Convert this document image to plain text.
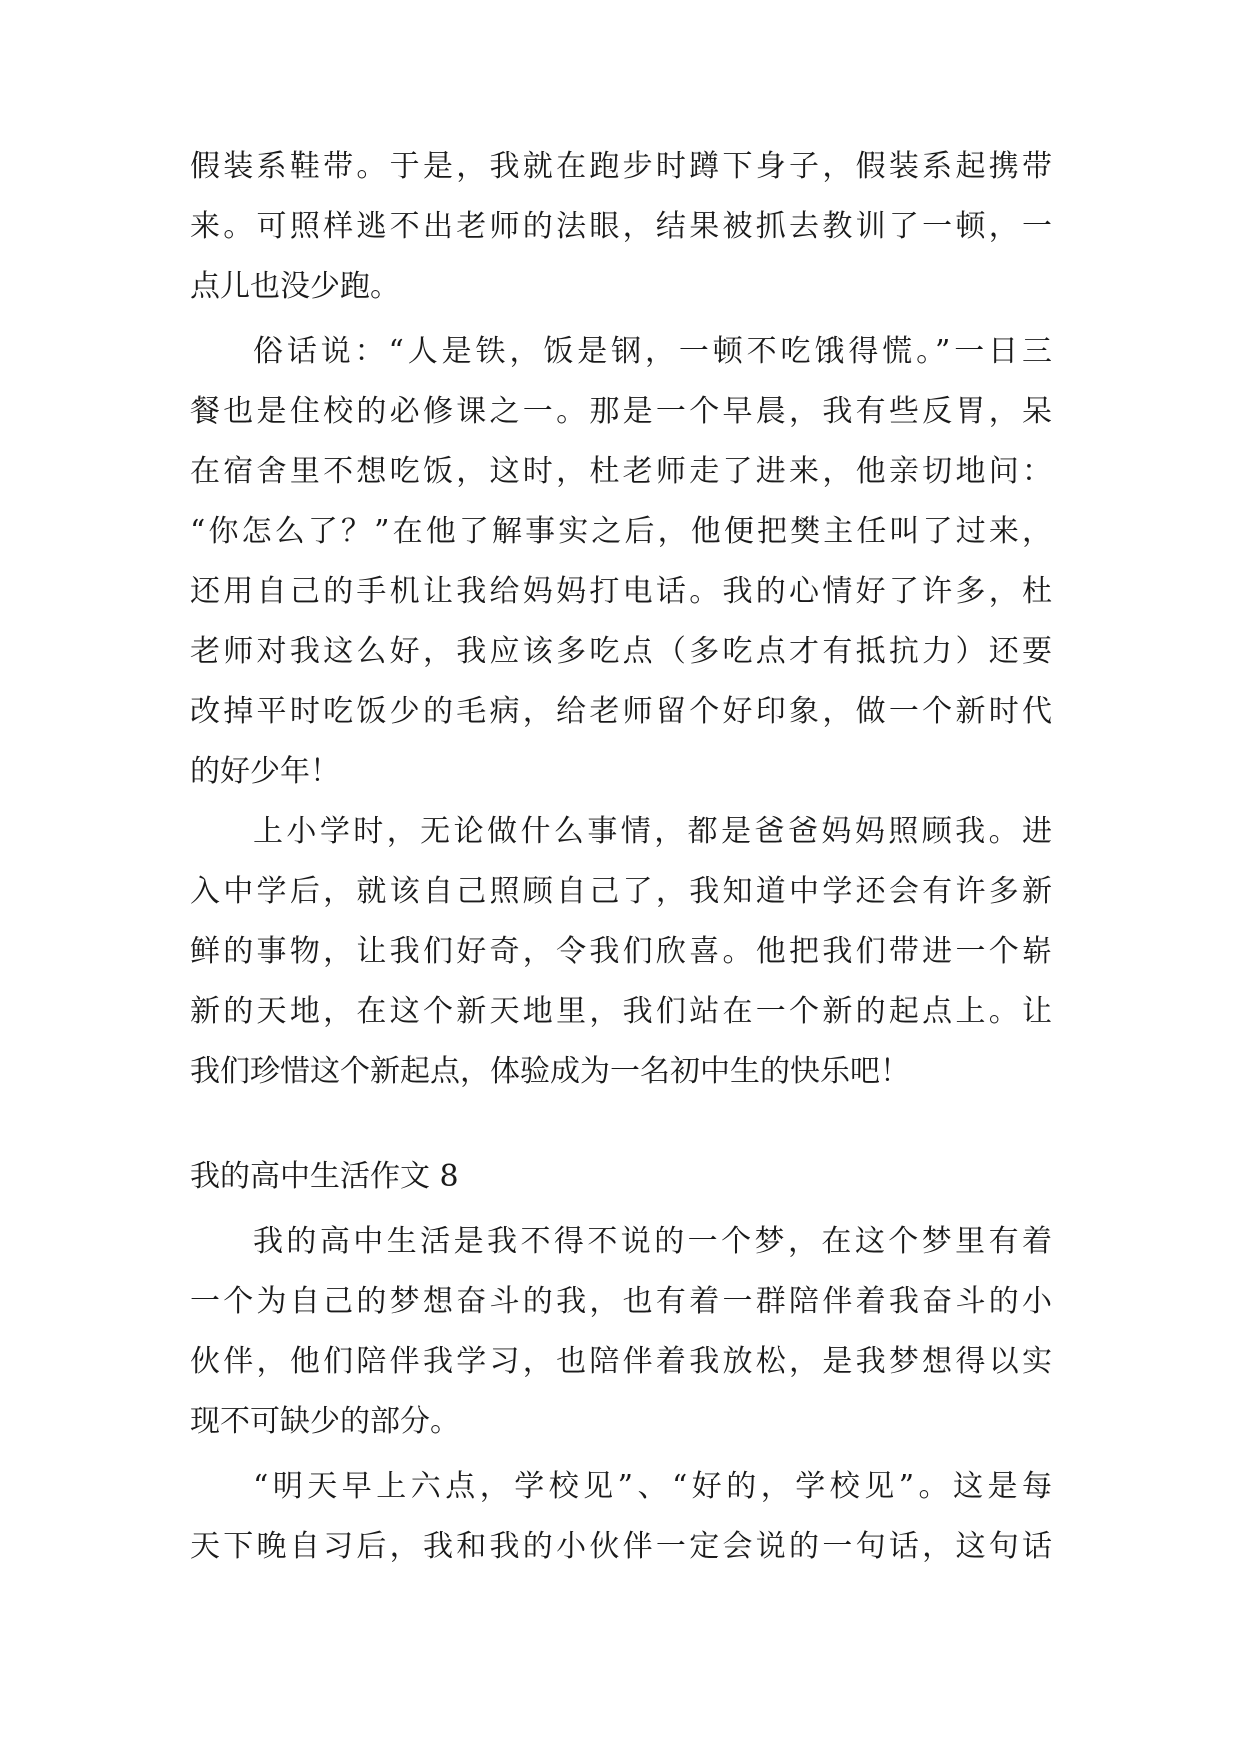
假装系鞋带。于是，我就在跑步时蹲下身子，假装系起携带
来。可照样逃不出老师的法眼，结果被抓去教训了一顿，一
点儿也没少跑。
俗话说：“人是铁，饭是钢，一顿不吃饿得慌。”一日三
餐也是住校的必修课之一。那是一个早晨，我有些反胃，呆
在宿舍里不想吃饭，这时，杜老师走了进来，他亲切地问：
“你怎么了？”在他了解事实之后，他便把樊主任叫了过来，
还用自己的手机让我给妈妈打电话。我的心情好了许多，杜
老师对我这么好，我应该多吃点（多吃点才有抵抗力）还要
改掉平时吃饭少的毛病，给老师留个好印象，做一个新时代
的好少年！
上小学时，无论做什么事情，都是爸爸妈妈照顾我。进
入中学后，就该自己照顾自己了，我知道中学还会有许多新
鲜的事物，让我们好奇，令我们欣喜。他把我们带进一个崭
新的天地，在这个新天地里，我们站在一个新的起点上。让
我们珍惜这个新起点，体验成为一名初中生的快乐吧！
我的高中生活作文 8
我的高中生活是我不得不说的一个梦，在这个梦里有着
一个为自己的梦想奋斗的我，也有着一群陪伴着我奋斗的小
伙伴，他们陪伴我学习，也陪伴着我放松，是我梦想得以实
现不可缺少的部分。
“明天早上六点，学校见”、“好的，学校见”。这是每
天下晚自习后，我和我的小伙伴一定会说的一句话，这句话
